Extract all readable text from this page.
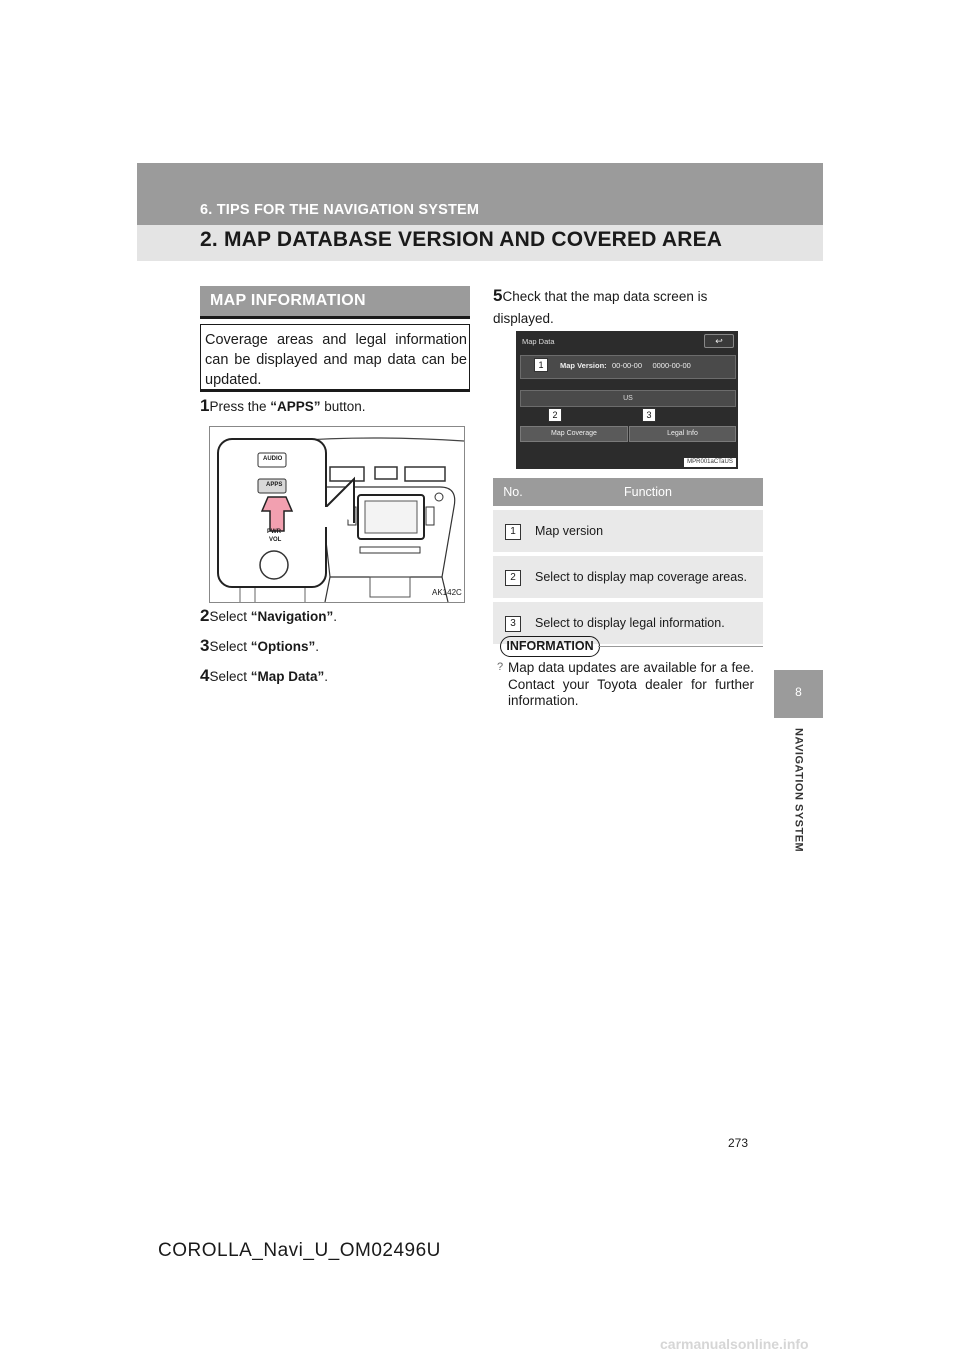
6. TIPS FOR THE NAVIGATION SYSTEM
2. MAP DATABASE VERSION AND COVERED AREA
8
NAVIGATION SYSTEM
MAP INFORMATION
Coverage areas and legal information can be displayed and map data can be updated.
1Press the “APPS” button.
AUDIO
APPS
PWR
VOL
AK142C
2Select “Navigation”.
3Select “Options”.
4Select “Map Data”.
5Check that the map data screen is displayed.
Map Data	↩
Map Version: 00-00-00     0000-00-00
US
Map Coverage	Legal Info
1
2	3
MPR001aCTaUS
No.	Function
1	Map version
2	Select to display map coverage areas.
3	Select to display legal information.
INFORMATION
? Map data updates are available for a fee. Contact your Toyota dealer for further information.
273
COROLLA_Navi_U_OM02496U
carmanualsonline.info
